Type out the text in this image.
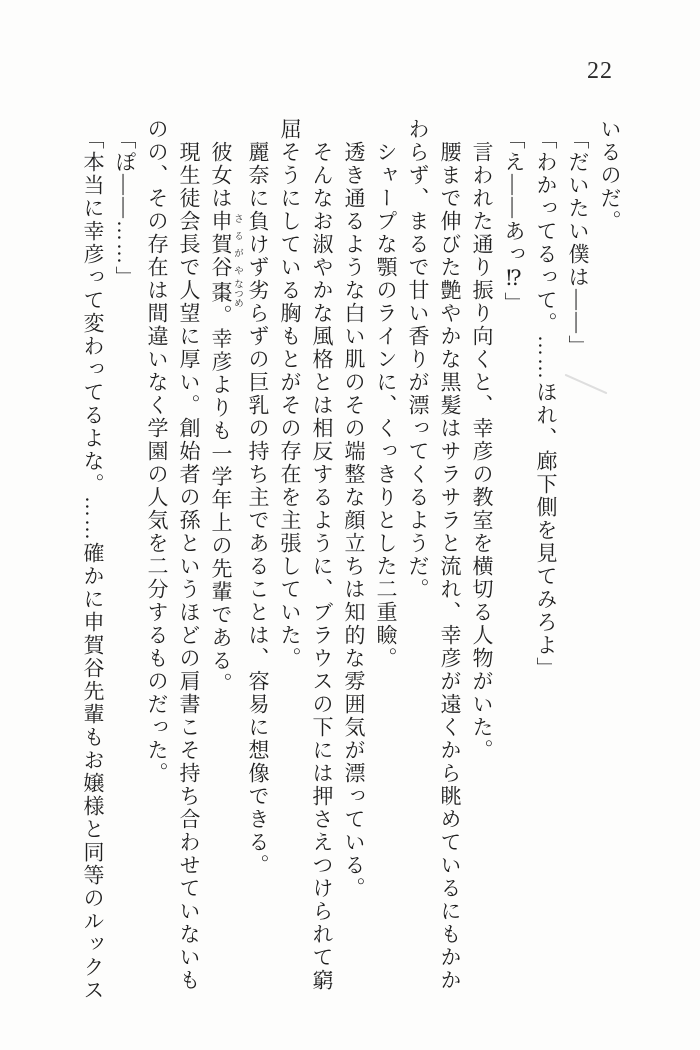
22

いるのだ。

「だいたい僕は――」

「わかってるって。……ほれ、廊下側を見てみろよ」

「え――あっ⁉」

言われた通り振り向くと、幸彦の教室を横切る人物がいた。

腰まで伸びた艶やかな黒髪はサラサラと流れ、幸彦が遠くから眺めているにもかか

わらず、まるで甘い香りが漂ってくるようだ。

シャープな顎のラインに、くっきりとした二重瞼。

透き通るような白い肌のその端整な顔立ちは知的な雰囲気が漂っている。

そんなお淑やかな風格とは相反するように、ブラウスの下には押さえつけられて窮

屈そうにしている胸もとがその存在を主張していた。

麗奈に負けず劣らずの巨乳の持ち主であることは、容易に想像できる。

彼女は申賀谷 さるがや棗 なつめ。幸彦よりも一学年上の先輩である。

現生徒会長で人望に厚い。創始者の孫というほどの肩書こそ持ち合わせていないも

のの、その存在は間違いなく学園の人気を二分するものだった。

「ぽ――……」

「本当に幸彦って変わってるよな。……確かに申賀谷先輩もお嬢様と同等のルックス
